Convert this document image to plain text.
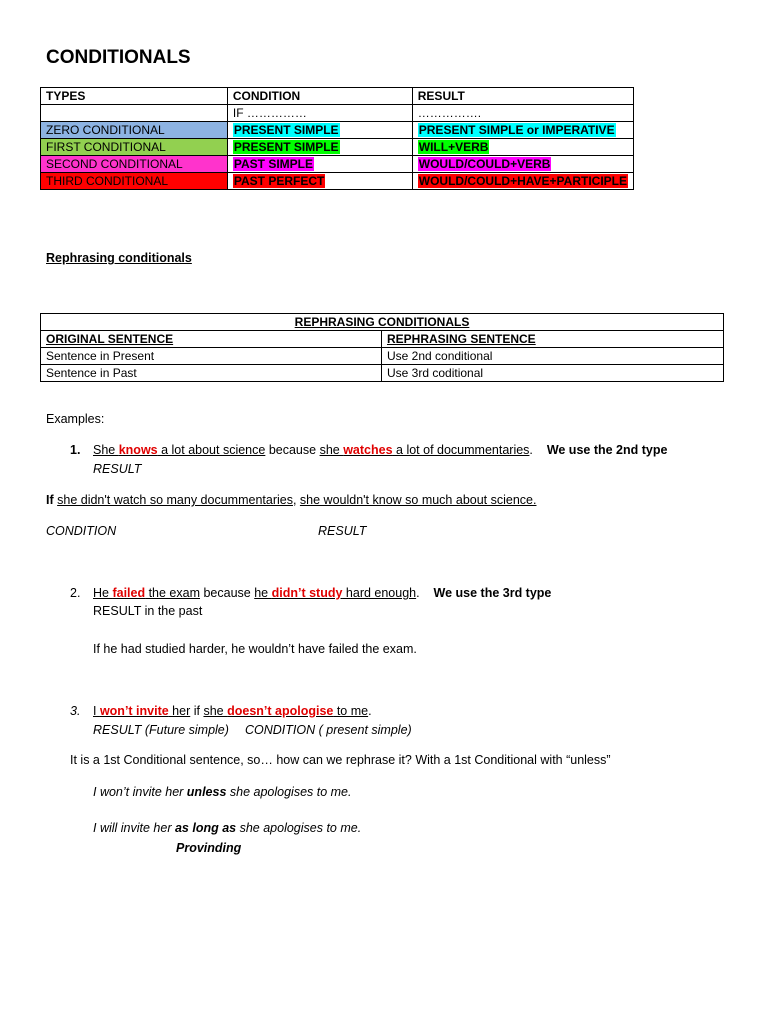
CONDITIONALS
TYPES	CONDITION	RESULT
	IF ……………	…………….
ZERO CONDITIONAL	PRESENT SIMPLE	PRESENT SIMPLE or IMPERATIVE
FIRST CONDITIONAL	PRESENT SIMPLE	WILL+VERB
SECOND CONDITIONAL	PAST SIMPLE	WOULD/COULD+VERB
THIRD CONDITIONAL	PAST PERFECT	WOULD/COULD+HAVE+PARTICIPLE
Rephrasing conditionals
REPHRASING CONDITIONALS	
ORIGINAL SENTENCE	REPHRASING SENTENCE
Sentence in Present	Use 2nd conditional
Sentence in Past	Use 3rd coditional
Examples:
1. She knows a lot about science because she watches a lot of docummentaries. We use the 2nd type
RESULT
If she didn't watch so many docummentaries, she wouldn't know so much about science.
CONDITION	RESULT
2. He failed the exam because he didn’t study hard enough. We use the 3rd type
RESULT in the past
If he had studied harder, he wouldn’t have failed the exam.
3. I won’t invite her if she doesn’t apologise to me.
RESULT (Future simple) CONDITION ( present simple)
It is a 1st Conditional sentence, so… how can we rephrase it? With a 1st Conditional with “unless”
I won’t invite her unless she apologises to me.
I will invite her as long as she apologises to me.
Provinding
